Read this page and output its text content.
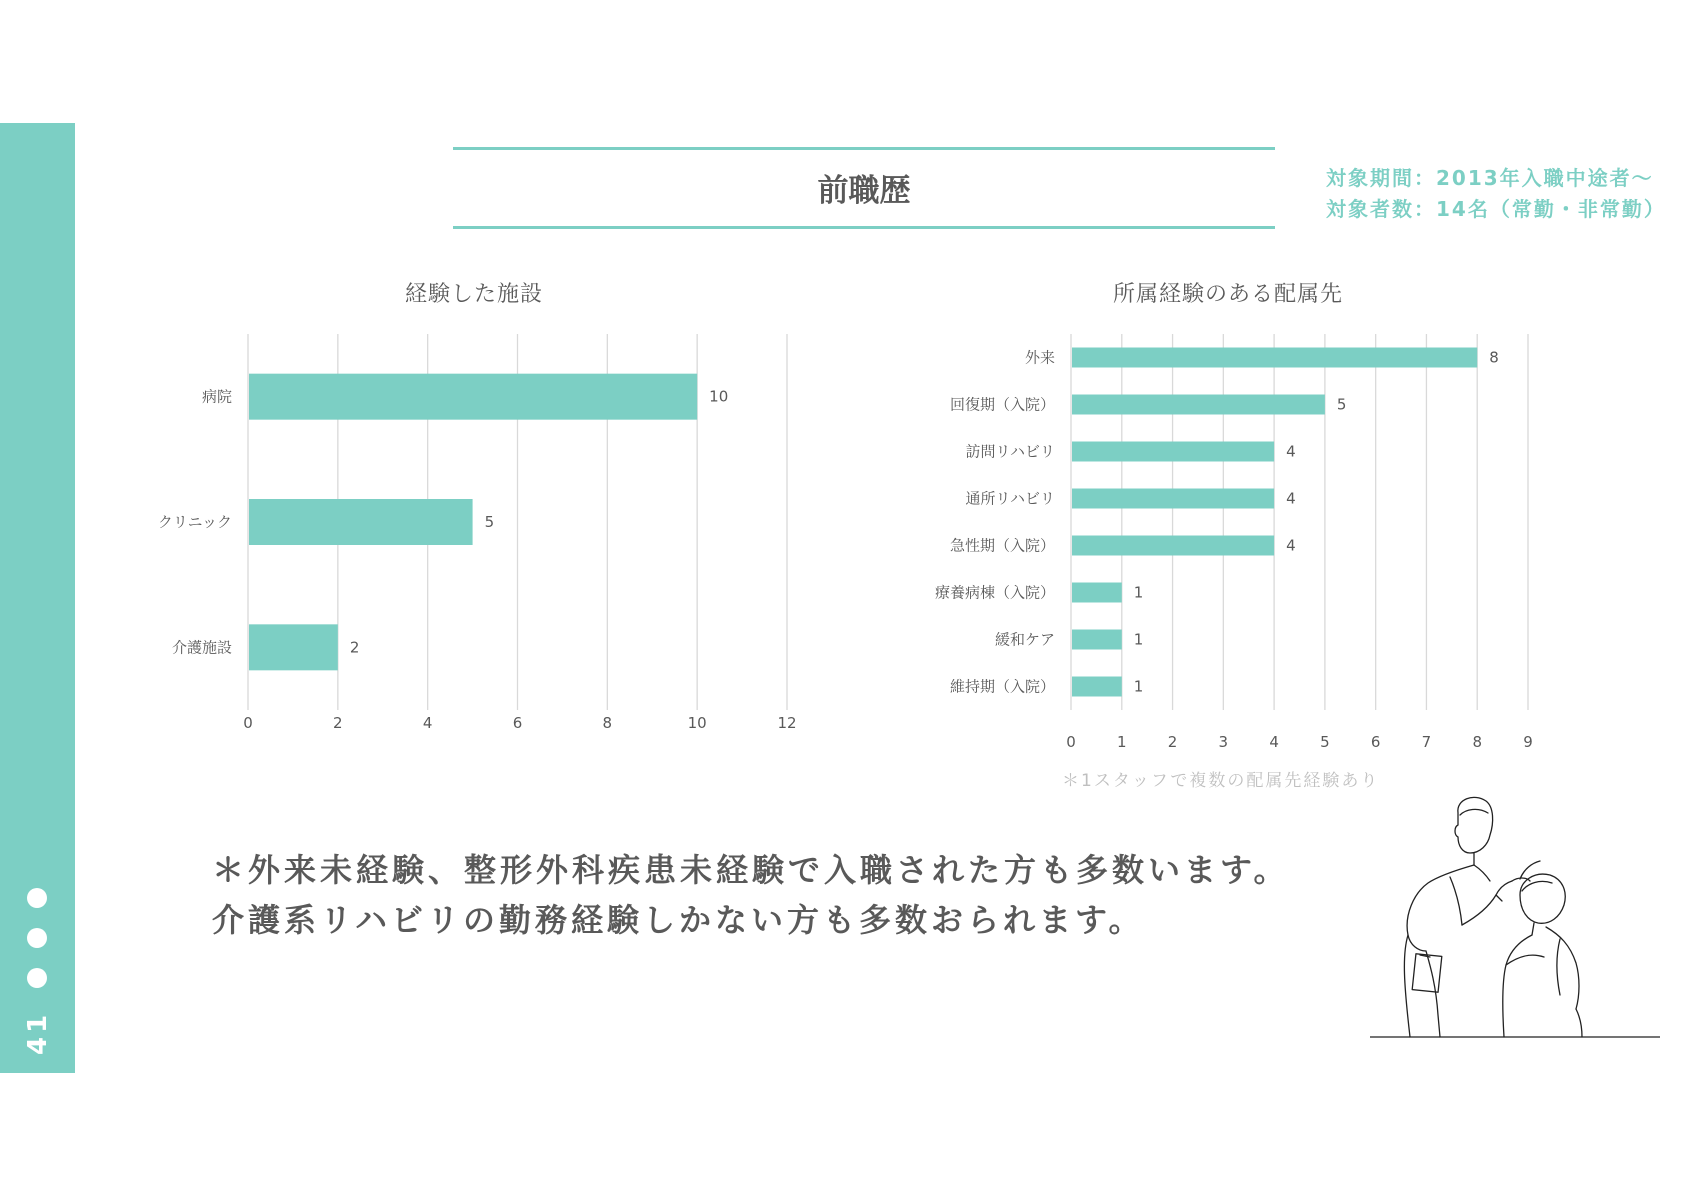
41
前職歴	対象期間：2013年入職中途者～
対象者数：14名（常勤・非常勤）
経験した施設	所属経験のある配属先
0	2	4	6	8	10	12
病院	10
クリニック	5
介護施設	2
0	1	2	3	4	5	6	7	8	9
外来	8
回復期（入院）	5
訪問リハビリ	4
通所リハビリ	4
急性期（入院）	4
療養病棟（入院）	1
緩和ケア	1
維持期（入院）	1
＊1スタッフで複数の配属先経験あり
＊外来未経験、整形外科疾患未経験で入職された方も多数います。
介護系リハビリの勤務経験しかない方も多数おられます。
